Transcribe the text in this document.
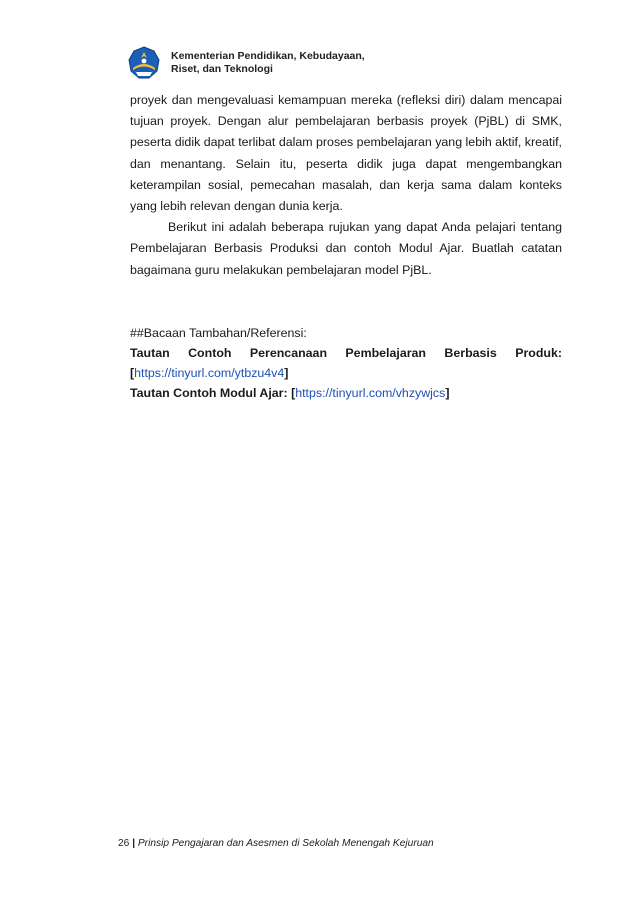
Kementerian Pendidikan, Kebudayaan,
Riset, dan Teknologi

proyek dan mengevaluasi kemampuan mereka (refleksi diri) dalam mencapai tujuan proyek. Dengan alur pembelajaran berbasis proyek (PjBL) di SMK, peserta didik dapat terlibat dalam proses pembelajaran yang lebih aktif, kreatif, dan menantang. Selain itu, peserta didik juga dapat mengembangkan keterampilan sosial, pemecahan masalah, dan kerja sama dalam konteks yang lebih relevan dengan dunia kerja.

Berikut ini adalah beberapa rujukan yang dapat Anda pelajari tentang Pembelajaran Berbasis Produksi dan contoh Modul Ajar. Buatlah catatan bagaimana guru melakukan pembelajaran model PjBL.

##Bacaan Tambahan/Referensi:

Tautan Contoh Perencanaan Pembelajaran Berbasis Produk:

[https://tinyurl.com/ytbzu4v4]

Tautan Contoh Modul Ajar: [https://tinyurl.com/vhzywjcs]

26 | Prinsip Pengajaran dan Asesmen di Sekolah Menengah Kejuruan
